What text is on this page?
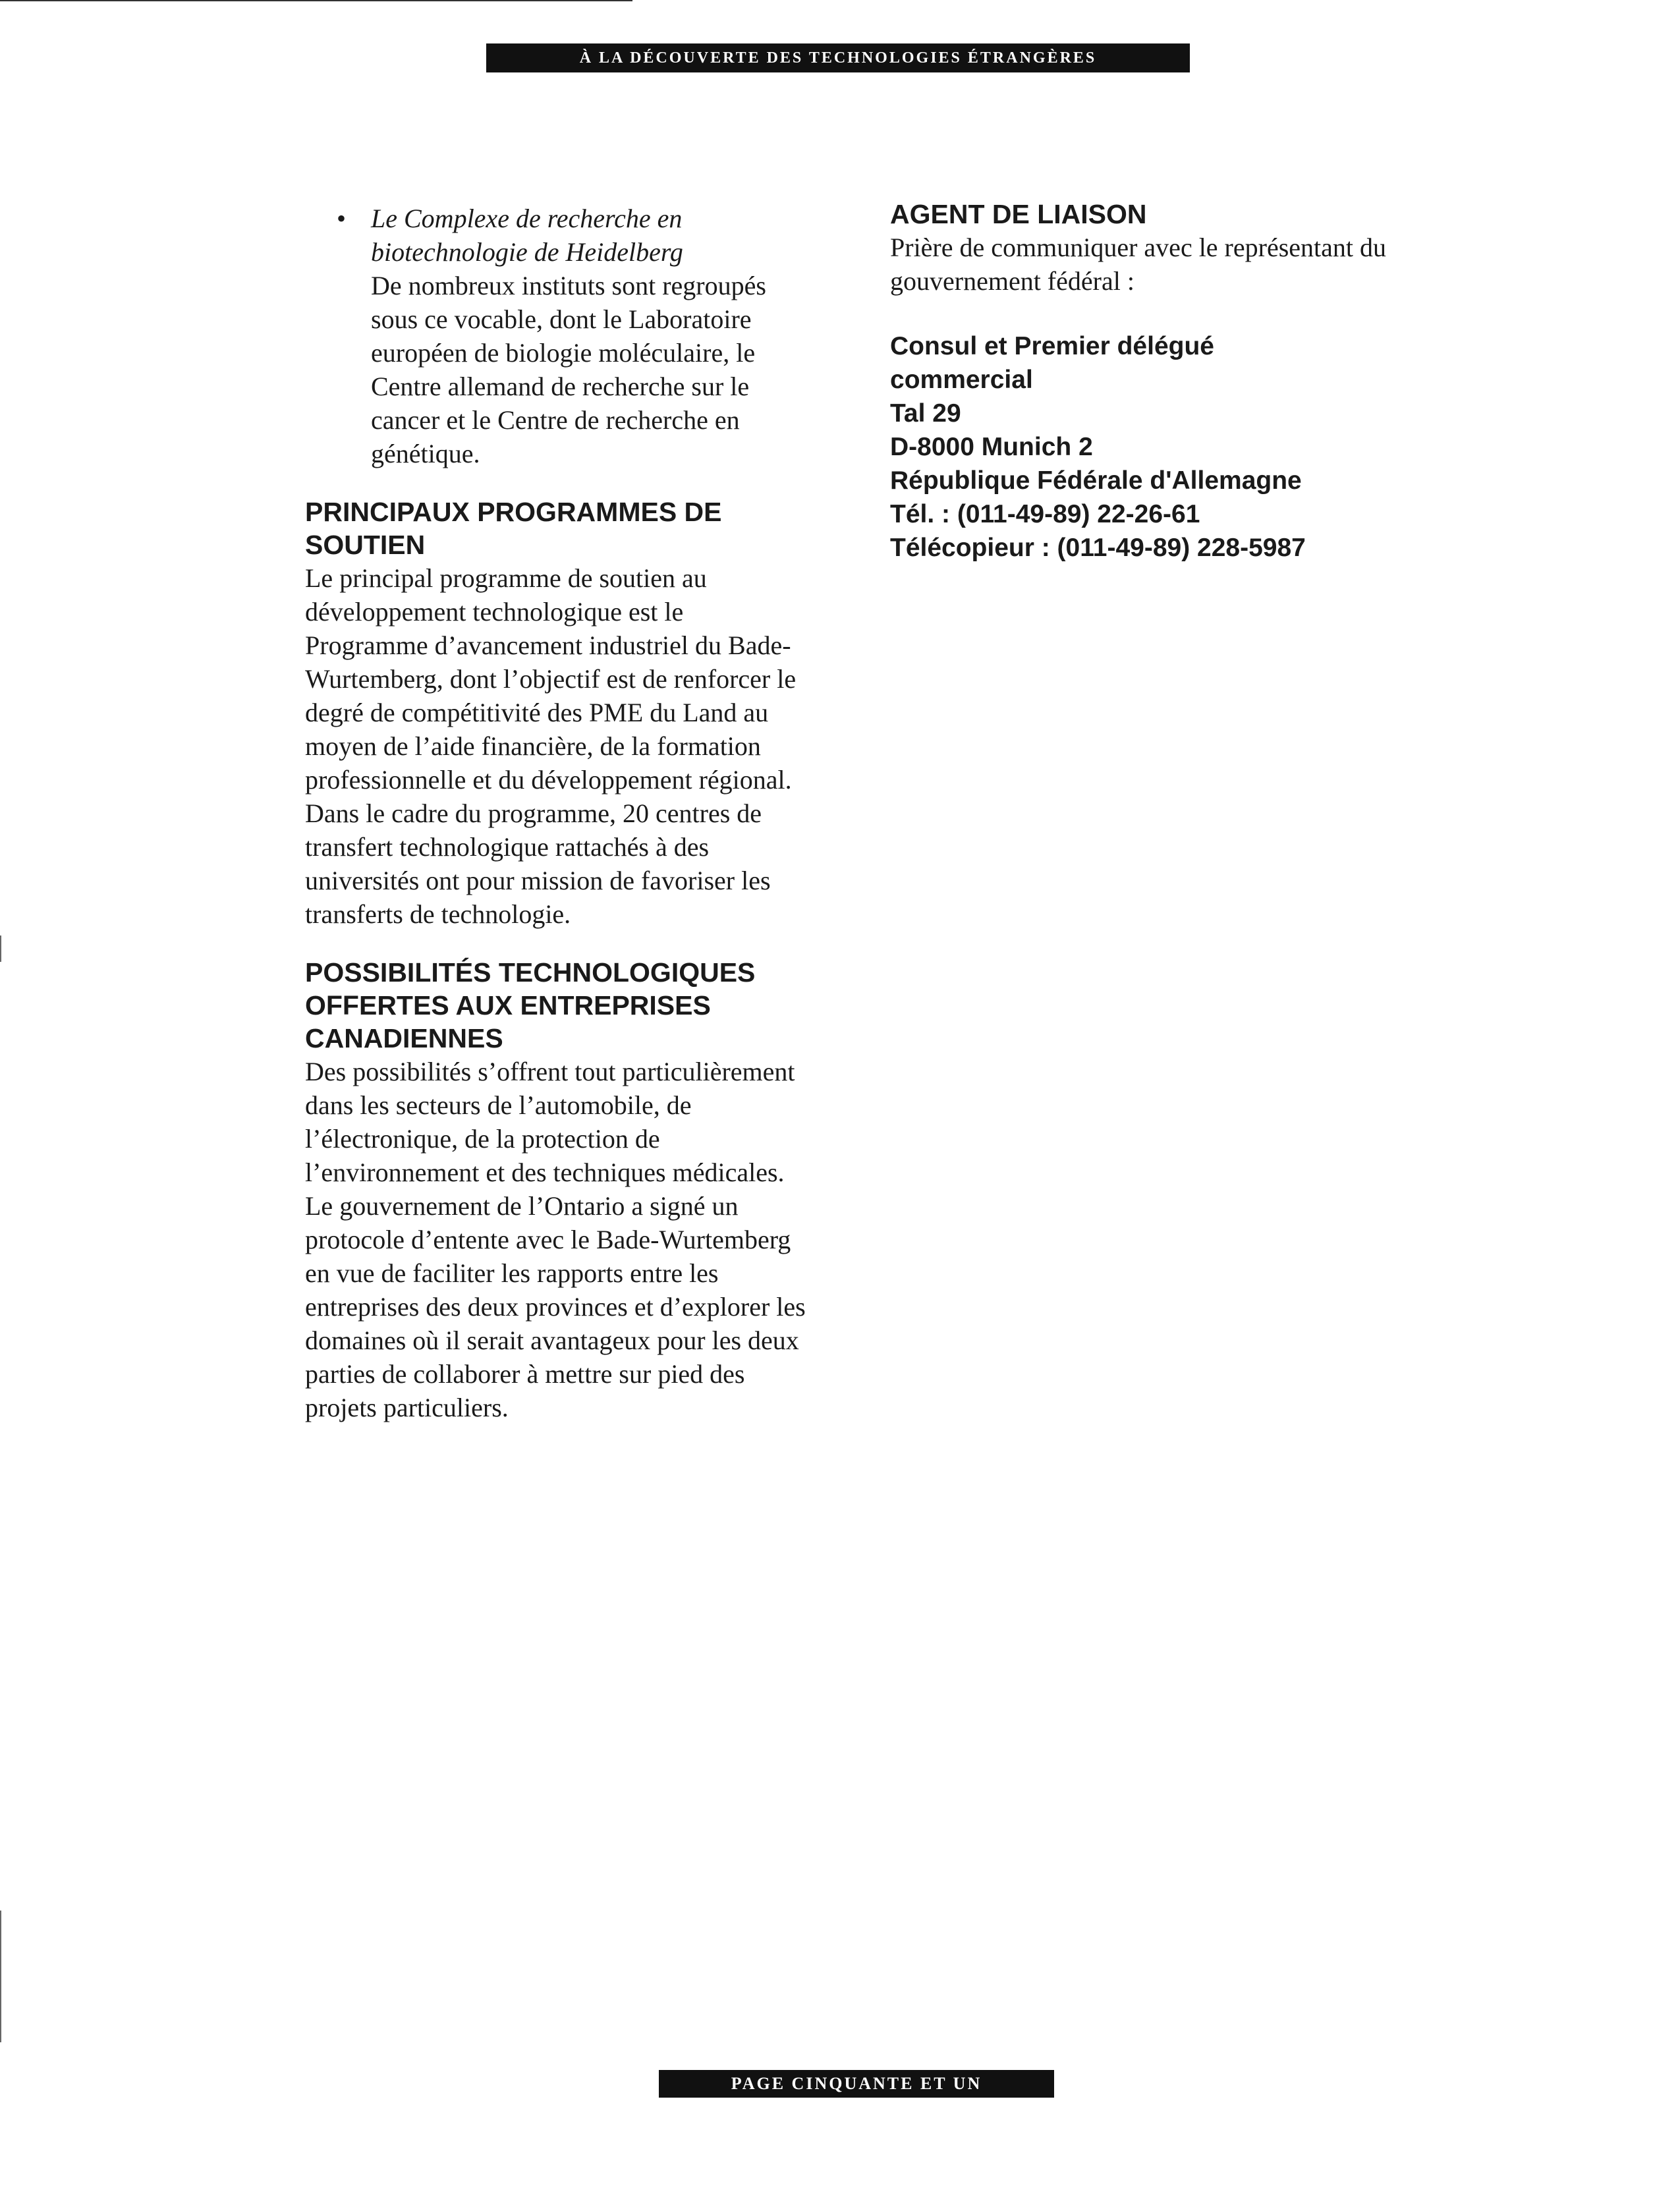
À LA DÉCOUVERTE DES TECHNOLOGIES ÉTRANGÈRES
• Le Complexe de recherche en biotechnologie de Heidelberg
De nombreux instituts sont regroupés sous ce vocable, dont le Laboratoire européen de biologie moléculaire, le Centre allemand de recherche sur le cancer et le Centre de recherche en génétique.
PRINCIPAUX PROGRAMMES DE SOUTIEN
Le principal programme de soutien au développement technologique est le Programme d’avancement industriel du Bade-Wurtemberg, dont l’objectif est de renforcer le degré de compétitivité des PME du Land au moyen de l’aide financière, de la formation professionnelle et du développement régional. Dans le cadre du programme, 20 centres de transfert technologique rattachés à des universités ont pour mission de favoriser les transferts de technologie.
POSSIBILITÉS TECHNOLOGIQUES OFFERTES AUX ENTREPRISES CANADIENNES
Des possibilités s’offrent tout particulièrement dans les secteurs de l’automobile, de l’électronique, de la protection de l’environnement et des techniques médicales. Le gouvernement de l’Ontario a signé un protocole d’entente avec le Bade-Wurtemberg en vue de faciliter les rapports entre les entreprises des deux provinces et d’explorer les domaines où il serait avantageux pour les deux parties de collaborer à mettre sur pied des projets particuliers.
AGENT DE LIAISON
Prière de communiquer avec le représentant du gouvernement fédéral :
Consul et Premier délégué
commercial
Tal 29
D-8000 Munich 2
République Fédérale d'Allemagne
Tél. : (011-49-89) 22-26-61
Télécopieur : (011-49-89) 228-5987
PAGE CINQUANTE ET UN
